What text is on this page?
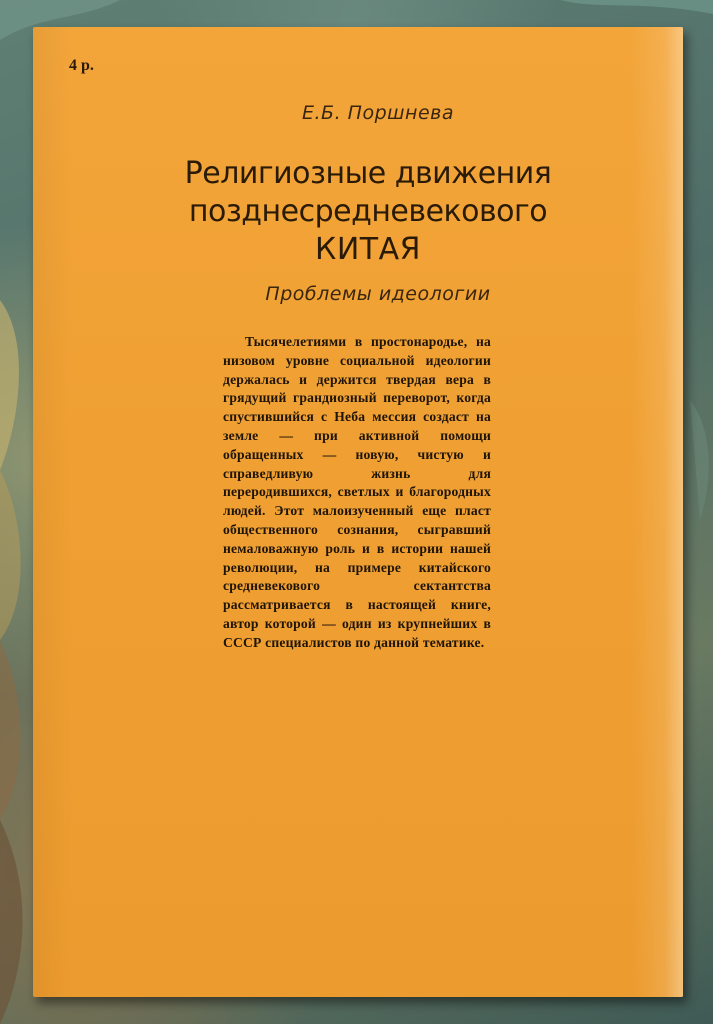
4 р.
Е.Б. Поршнева
Религиозные движения
позднесредневекового
КИТАЯ
Проблемы идеологии
Тысячелетиями в простонародье, на низовом уровне социальной идеологии держалась и держится твердая вера в грядущий грандиозный переворот, когда спустившийся с Неба мессия создаст на земле — при активной помощи обращенных — новую, чистую и справедливую жизнь для переродившихся, светлых и благородных людей. Этот малоизученный еще пласт общественного сознания, сыгравший немаловажную роль и в истории нашей революции, на примере китайского средневекового сектантства рассматривается в настоящей книге, автор которой — один из крупнейших в СССР специалистов по данной тематике.
